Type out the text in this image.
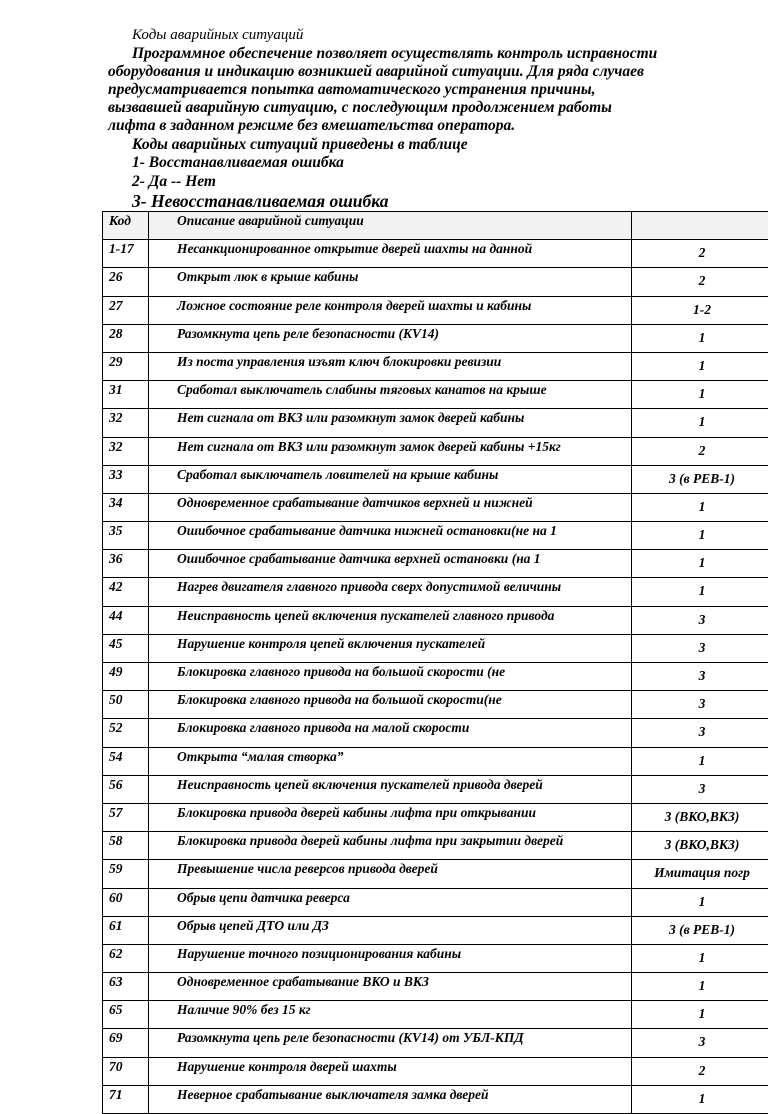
Коды аварийных ситуаций
Программное обеспечение позволяет осуществлять контроль исправности
оборудования и индикацию возникшей аварийной ситуации. Для ряда случаев
предусматривается попытка автоматического устранения причины,
вызвавшей аварийную ситуацию, с последующим продолжением работы
лифта в заданном режиме без вмешательства оператора.
Коды аварийных ситуаций приведены в таблице
1- Восстанавливаемая ошибка
2- Да -- Нет
3- Невосстанавливаемая ошибка
Код	Описание аварийной ситуации	
1-17	Несанкционированное открытие дверей шахты на данной	2
26	Открыт люк в крыше кабины	2
27	Ложное состояние реле контроля дверей шахты и кабины	1-2
28	Разомкнута цепь реле безопасности (KV14)	1
29	Из поста управления изъят ключ блокировки ревизии	1
31	Сработал выключатель слабины тяговых канатов на крыше	1
32	Нет сигнала от ВКЗ или разомкнут замок дверей кабины	1
32	Нет сигнала от ВКЗ или разомкнут замок дверей кабины +15кг	2
33	Сработал выключатель ловителей на крыше кабины	3 (в РЕВ-1)
34	Одновременное срабатывание датчиков верхней и нижней	1
35	Ошибочное срабатывание датчика нижней остановки(не на 1	1
36	Ошибочное срабатывание датчика верхней остановки (на 1	1
42	Нагрев двигателя главного привода сверх допустимой величины	1
44	Неисправность цепей включения пускателей главного привода	3
45	Нарушение контроля цепей включения пускателей	3
49	Блокировка главного привода на большой скорости (не	3
50	Блокировка главного привода на большой скорости(не	3
52	Блокировка главного привода на малой скорости	3
54	Открыта “малая створка”	1
56	Неисправность цепей включения пускателей привода дверей	3
57	Блокировка привода дверей кабины лифта при открывании	3 (ВКО,ВКЗ)
58	Блокировка привода дверей кабины лифта при закрытии дверей	3 (ВКО,ВКЗ)
59	Превышение числа реверсов привода дверей	Имитация погр
60	Обрыв цепи датчика реверса	1
61	Обрыв цепей ДТО или ДЗ	3 (в РЕВ-1)
62	Нарушение точного позиционирования кабины	1
63	Одновременное срабатывание ВКО и ВКЗ	1
65	Наличие 90% без 15 кг	1
69	Разомкнута цепь реле безопасности (KV14) от УБЛ-КПД	3
70	Нарушение контроля дверей шахты	2
71	Неверное срабатывание выключателя замка дверей	1
